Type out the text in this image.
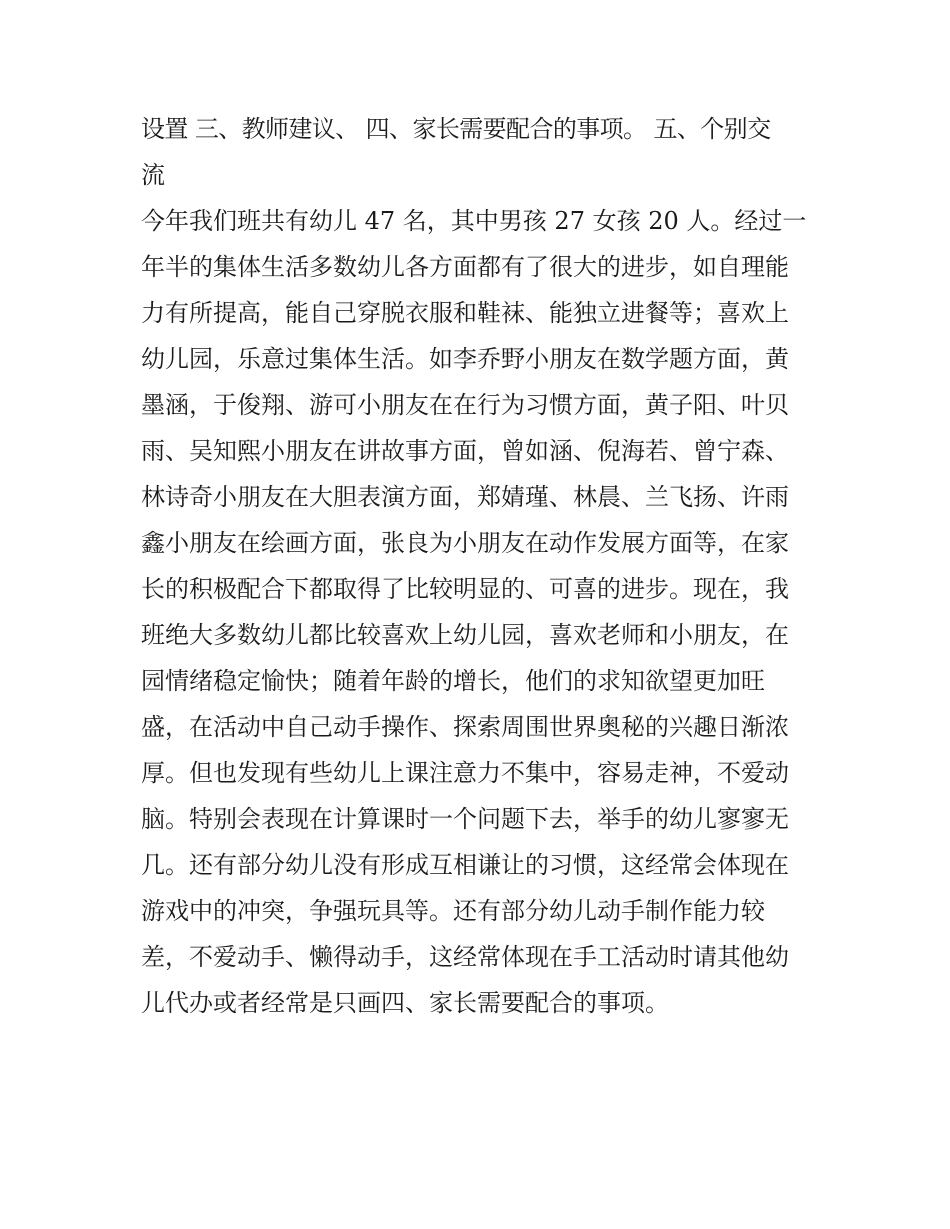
设置 三、教师建议、 四、家长需要配合的事项。 五、个别交
流
今年我们班共有幼儿 47 名，其中男孩 27 女孩 20 人。经过一
年半的集体生活多数幼儿各方面都有了很大的进步，如自理能
力有所提高，能自己穿脱衣服和鞋袜、能独立进餐等；喜欢上
幼儿园，乐意过集体生活。如李乔野小朋友在数学题方面，黄
墨涵，于俊翔、游可小朋友在在行为习惯方面，黄子阳、叶贝
雨、吴知熙小朋友在讲故事方面，曾如涵、倪海若、曾宁森、
林诗奇小朋友在大胆表演方面，郑婧瑾、林晨、兰飞扬、许雨
鑫小朋友在绘画方面，张良为小朋友在动作发展方面等，在家
长的积极配合下都取得了比较明显的、可喜的进步。现在，我
班绝大多数幼儿都比较喜欢上幼儿园，喜欢老师和小朋友，在
园情绪稳定愉快；随着年龄的增长，他们的求知欲望更加旺
盛，在活动中自己动手操作、探索周围世界奥秘的兴趣日渐浓
厚。但也发现有些幼儿上课注意力不集中，容易走神，不爱动
脑。特别会表现在计算课时一个问题下去，举手的幼儿寥寥无
几。还有部分幼儿没有形成互相谦让的习惯，这经常会体现在
游戏中的冲突，争强玩具等。还有部分幼儿动手制作能力较
差，不爱动手、懒得动手，这经常体现在手工活动时请其他幼
儿代办或者经常是只画四、家长需要配合的事项。
